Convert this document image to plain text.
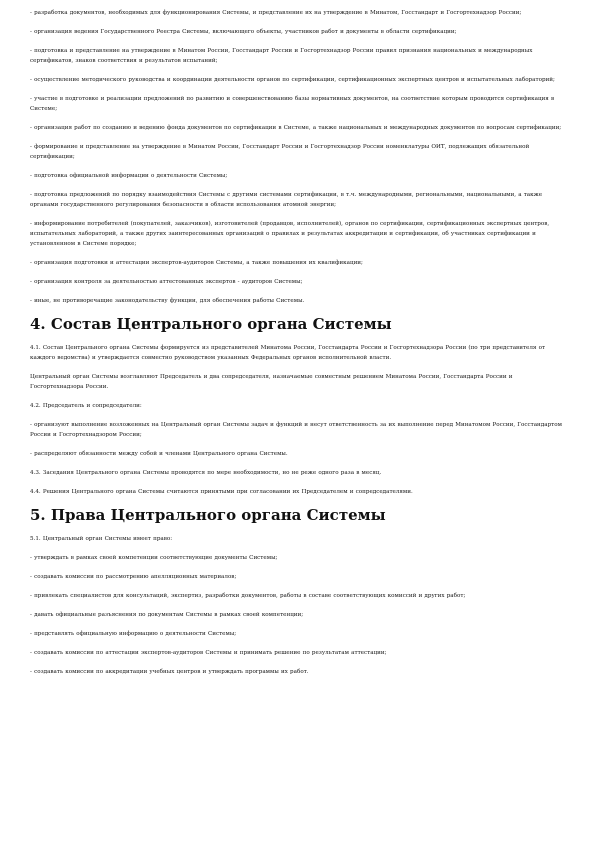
- разработка документов, необходимых для функционирования Системы, и представление их на утверждение в Минатом, Госстандарт и Госгортехнадзор России;

- организация ведения Государственного Реестра Системы, включающего объекты, участников работ и документы в области сертификации;

- подготовка и представление на утверждение в Минатом России, Госстандарт России и Госгортехнадзор России правил признания национальных и международных сертификатов, знаков соответствия и результатов испытаний;

- осуществление методического руководства и координации деятельности органов по сертификации, сертификационных экспертных центров и испытательных лабораторий;

- участие в подготовке и реализации предложений по развитию и совершенствованию базы нормативных документов, на соответствие которым проводится сертификация в Системе;

- организация работ по созданию и ведению фонда документов по сертификации в Системе, а также национальных и международных документов по вопросам сертификации;

- формирование и представление на утверждение в Минатом России, Госстандарт России и Госгортехнадзор России номенклатуры ОИТ, подлежащих обязательной сертификации;

- подготовка официальной информации о деятельности Системы;

- подготовка предложений по порядку взаимодействия Системы с другими системами сертификации, в т.ч. международными, региональными, национальными, а также органами государственного регулирования безопасности в области использования атомной энергии;

- информирование потребителей (покупателей, заказчиков), изготовителей (продавцов, исполнителей), органов по сертификации, сертификационных экспертных центров, испытательных лабораторий, а также других заинтересованных организаций о правилах и результатах аккредитации и сертификации, об участниках сертификации и установленном в Системе порядке;

- организация подготовки и аттестации экспертов-аудиторов Системы, а также повышения их квалификации;

- организация контроля за деятельностью аттестованных экспертов - аудиторов Системы;

- иные, не противоречащие законодательству функции, для обеспечения работы Системы.

4. Состав Центрального органа Системы

4.1. Состав Центрального органа Системы формируется из представителей Минатома России, Госстандарта России и Госгортехнадзора России (по три представителя от каждого ведомства) и утверждается совместно руководством указанных Федеральных органов исполнительной власти.

Центральный орган Системы возглавляют Председатель и два сопредседателя, назначаемые совместным решением Минатома России, Госстандарта России и Госгортехнадзора России.

4.2. Председатель и сопредседатели:

- организуют выполнение возложенных на Центральный орган Системы задач и функций и несут ответственность за их выполнение перед Минатомом России, Госстандартом России и Госгортехнадзором России;

- распределяют обязанности между собой и членами Центрального органа Системы.

4.3. Заседания Центрального органа Системы проводятся по мере необходимости, но не реже одного раза в месяц.

4.4. Решения Центрального органа Системы считаются принятыми при согласовании их Председателем и сопредседателями.

5. Права Центрального органа Системы

5.1. Центральный орган Системы имеет право:

- утверждать в рамках своей компетенции соответствующие документы Системы;

- создавать комиссии по рассмотрению апелляционных материалов;

- привлекать специалистов для консультаций, экспертиз, разработки документов, работы в составе соответствующих комиссий и других работ;

- давать официальные разъяснения по документам Системы в рамках своей компетенции;

- представлять официальную информацию о деятельности Системы;

- создавать комиссии по аттестации экспертов-аудиторов Системы и принимать решение по результатам аттестации;

- создавать комиссии по аккредитации учебных центров и утверждать программы их работ.
